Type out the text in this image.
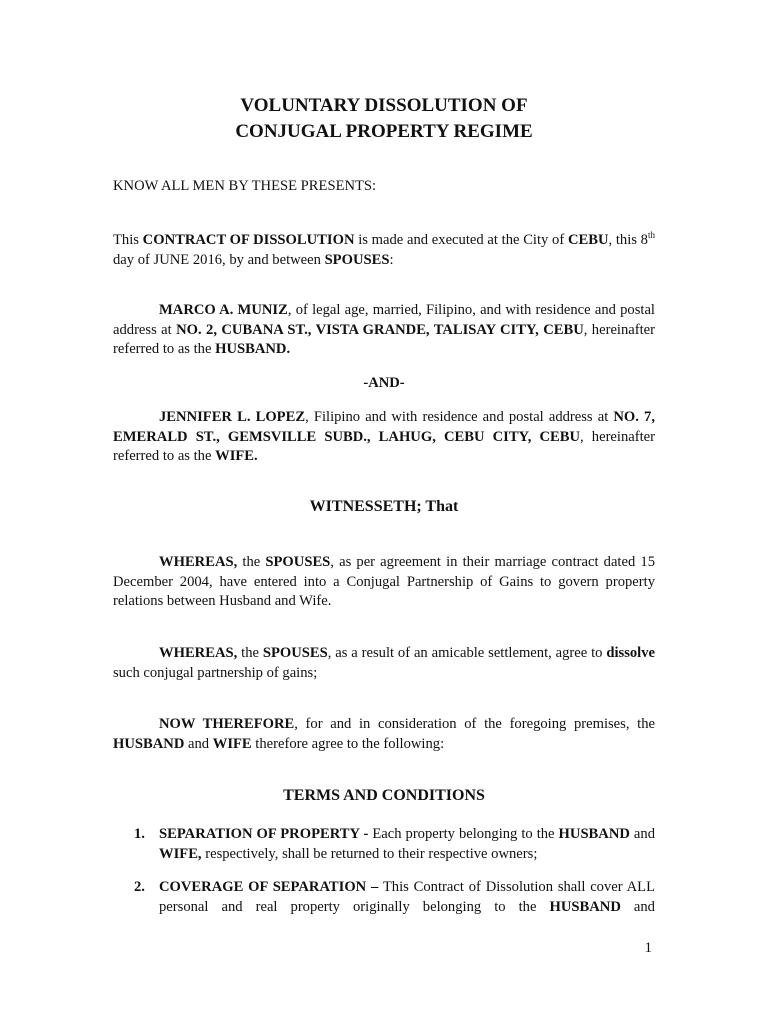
VOLUNTARY DISSOLUTION OF
CONJUGAL PROPERTY REGIME
KNOW ALL MEN BY THESE PRESENTS:
This CONTRACT OF DISSOLUTION is made and executed at the City of CEBU, this 8th day of JUNE 2016, by and between SPOUSES:
MARCO A. MUNIZ, of legal age, married, Filipino, and with residence and postal address at NO. 2, CUBANA ST., VISTA GRANDE, TALISAY CITY, CEBU, hereinafter referred to as the HUSBAND.
-AND-
JENNIFER L. LOPEZ, Filipino and with residence and postal address at NO. 7, EMERALD ST., GEMSVILLE SUBD., LAHUG, CEBU CITY, CEBU, hereinafter referred to as the WIFE.
WITNESSETH; That
WHEREAS, the SPOUSES, as per agreement in their marriage contract dated 15 December 2004, have entered into a Conjugal Partnership of Gains to govern property relations between Husband and Wife.
WHEREAS, the SPOUSES, as a result of an amicable settlement, agree to dissolve such conjugal partnership of gains;
NOW THEREFORE, for and in consideration of the foregoing premises, the HUSBAND and WIFE therefore agree to the following:
TERMS AND CONDITIONS
1. SEPARATION OF PROPERTY - Each property belonging to the HUSBAND and WIFE, respectively, shall be returned to their respective owners;
2. COVERAGE OF SEPARATION – This Contract of Dissolution shall cover ALL personal and real property originally belonging to the HUSBAND and
1
